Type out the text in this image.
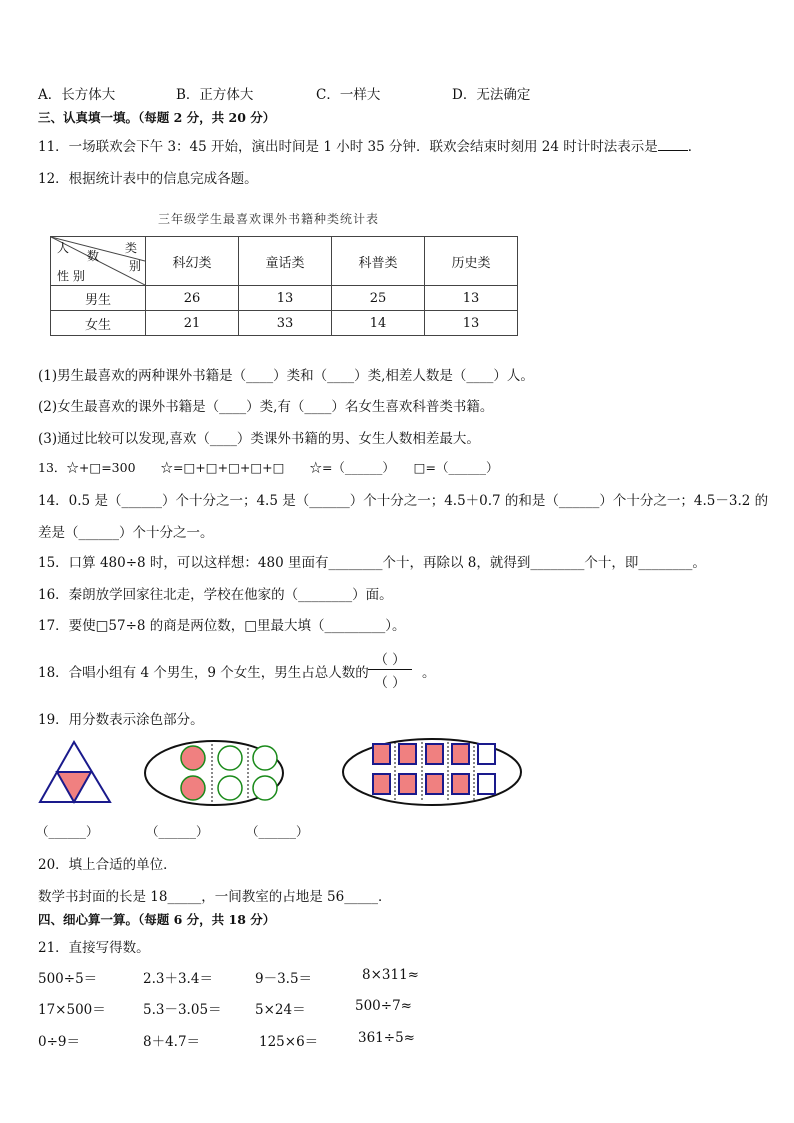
A．长方体大	B．正方体大	C．一样大	D．无法确定
三、认真填一填。（每题 2 分，共 20 分）
11．一场联欢会下午 3：45 开始，演出时间是 1 小时 35 分钟．联欢会结束时刻用 24 时计时法表示是 ．
12．根据统计表中的信息完成各题。
三年级学生最喜欢课外书籍种类统计表
类
数
人
别
性 别	科幻类	童话类	科普类	历史类
男生	26	13	25	13
女生	21	33	14	13
(1)男生最喜欢的两种课外书籍是（____）类和（____）类,相差人数是（____）人。
(2)女生最喜欢的课外书籍是（____）类,有（____）名女生喜欢科普类书籍。
(3)通过比较可以发现,喜欢（____）类课外书籍的男、女生人数相差最大。
13．☆+□=300　　☆=□+□+□+□+□　　☆=（______）　　□=（______）
14．0.5 是（______）个十分之一；4.5 是（______）个十分之一；4.5＋0.7 的和是（______）个十分之一；4.5－3.2 的
差是（______）个十分之一。
15．口算 480÷8 时，可以这样想：480 里面有________个十，再除以 8，就得到________个十，即________。
16．秦朗放学回家往北走，学校在他家的（________）面。
17．要使□57÷8 的商是两位数，□里最大填（_________）。
18．合唱小组有 4 个男生，9 个女生，男生占总人数的
（ ）
（ ）
。
19．用分数表示涂色部分。
（______）	（______）	（______）
20．填上合适的单位．
数学书封面的长是 18_____，一间教室的占地是 56_____．
四、细心算一算。（每题 6 分，共 18 分）
21．直接写得数。
500÷5＝	2.3＋3.4＝	9－3.5＝	8×311≈
17×500＝	5.3－3.05＝ 5×24＝	500÷7≈
0÷9＝	8＋4.7＝	125×6＝	361÷5≈
